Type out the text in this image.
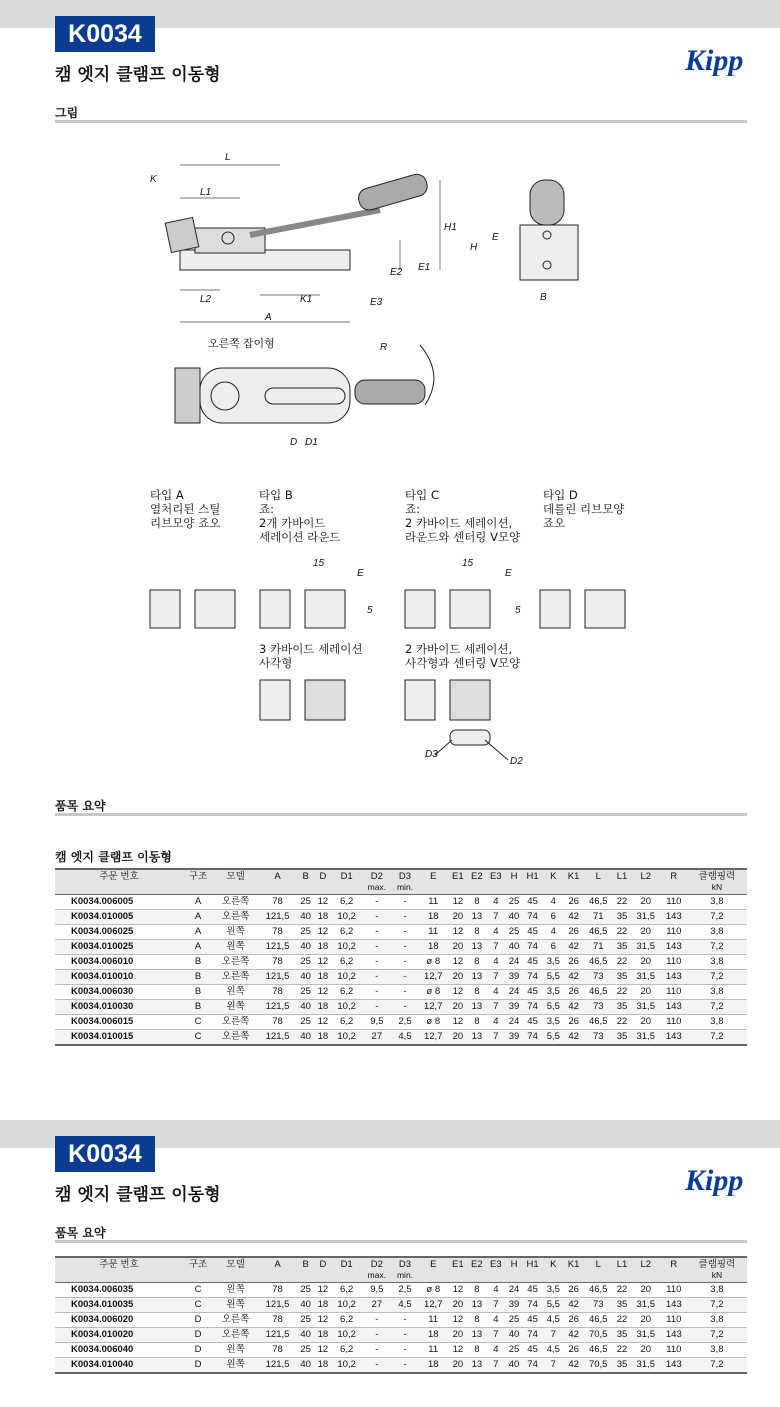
K0034
캠 엣지 클램프 이동형	Kipp
그림
L
K
L1
H1
H
E
E1
E2
E3
L2	K1
A
B
R
D D1
D3
D2
15
E
5
15
E
5
오른쪽 잡이형
타입 A
열처리된 스틸
리브모양 죠오
타입 B
죠:
2개 카바이드
세레이션 라운드
타입 C
죠:
2 카바이드 세레이션,
라운드와 센터링 V모양
타입 D
데를린 리브모양
죠오
3 카바이드 세레이션
사각형
2 카바이드 세레이션,
사각형과 센터링 V모양
품목 요약
캠 엣지 클램프 이동형
주문 번호	구조	모델	A	B	D	D1	D2
max.	D3
min.	E	E1	E2	E3	H	H1	K	K1	L	L1	L2	R	클램핑력
kN

K0034.006005	A	오른쪽	78	25	12	6,2	-	-	11	12	8	4	25	45	4	26	46,5	22	20	110	3,8
K0034.010005	A	오른쪽	121,5	40	18	10,2	-	-	18	20	13	7	40	74	6	42	71	35	31,5	143	7,2
K0034.006025	A	왼쪽	78	25	12	6,2	-	-	11	12	8	4	25	45	4	26	46,5	22	20	110	3,8
K0034.010025	A	왼쪽	121,5	40	18	10,2	-	-	18	20	13	7	40	74	6	42	71	35	31,5	143	7,2
K0034.006010	B	오른쪽	78	25	12	6,2	-	-	ø 8	12	8	4	24	45	3,5	26	46,5	22	20	110	3,8
K0034.010010	B	오른쪽	121,5	40	18	10,2	-	-	12,7	20	13	7	39	74	5,5	42	73	35	31,5	143	7,2
K0034.006030	B	왼쪽	78	25	12	6,2	-	-	ø 8	12	8	4	24	45	3,5	26	46,5	22	20	110	3,8
K0034.010030	B	왼쪽	121,5	40	18	10,2	-	-	12,7	20	13	7	39	74	5,5	42	73	35	31,5	143	7,2
K0034.006015	C	오른쪽	78	25	12	6,2	9,5	2,5	ø 8	12	8	4	24	45	3,5	26	46,5	22	20	110	3,8
K0034.010015	C	오른쪽	121,5	40	18	10,2	27	4,5	12,7	20	13	7	39	74	5,5	42	73	35	31,5	143	7,2
K0034
캠 엣지 클램프 이동형	Kipp
품목 요약
주문 번호	구조	모델	A	B	D	D1	D2
max.	D3
min.	E	E1	E2	E3	H	H1	K	K1	L	L1	L2	R	클램핑력
kN

K0034.006035	C	왼쪽	78	25	12	6,2	9,5	2,5	ø 8	12	8	4	24	45	3,5	26	46,5	22	20	110	3,8
K0034.010035	C	왼쪽	121,5	40	18	10,2	27	4,5	12,7	20	13	7	39	74	5,5	42	73	35	31,5	143	7,2
K0034.006020	D	오른쪽	78	25	12	6,2	-	-	11	12	8	4	25	45	4,5	26	46,5	22	20	110	3,8
K0034.010020	D	오른쪽	121,5	40	18	10,2	-	-	18	20	13	7	40	74	7	42	70,5	35	31,5	143	7,2
K0034.006040	D	왼쪽	78	25	12	6,2	-	-	11	12	8	4	25	45	4,5	26	46,5	22	20	110	3,8
K0034.010040	D	왼쪽	121,5	40	18	10,2	-	-	18	20	13	7	40	74	7	42	70,5	35	31,5	143	7,2
